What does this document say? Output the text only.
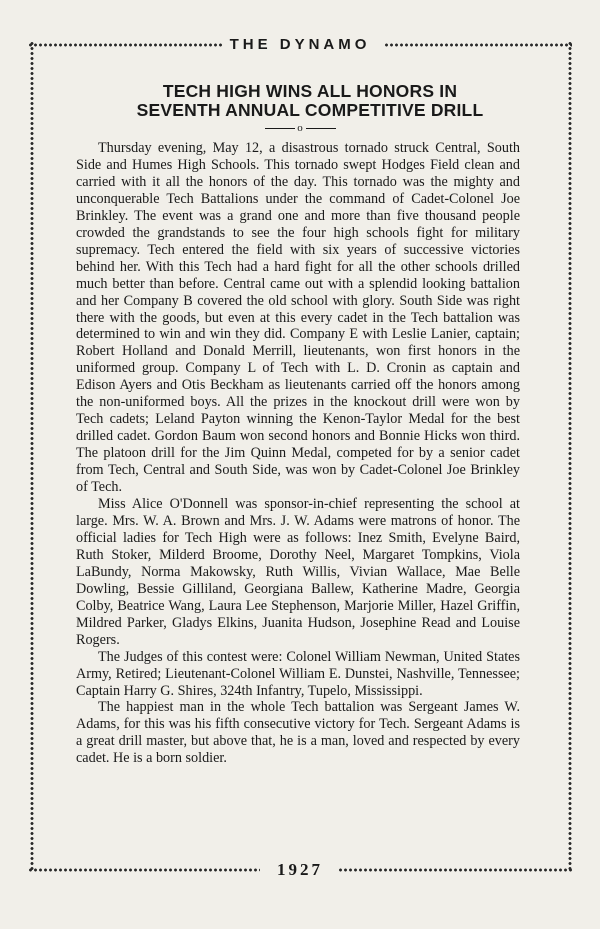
THE DYNAMO
TECH HIGH WINS ALL HONORS IN
SEVENTH ANNUAL COMPETITIVE DRILL
o

Thursday evening, May 12, a disastrous tornado struck Central, South Side and Humes High Schools. This tornado swept Hodges Field clean and carried with it all the honors of the day. This tornado was the mighty and unconquerable Tech Battalions under the command of Cadet-Colonel Joe Brinkley. The event was a grand one and more than five thousand people crowded the grandstands to see the four high schools fight for military supremacy. Tech entered the field with six years of successive victories behind her. With this Tech had a hard fight for all the other schools drilled much better than before. Central came out with a splendid looking battalion and her Company B covered the old school with glory. South Side was right there with the goods, but even at this every cadet in the Tech battalion was determined to win and win they did. Company E with Leslie Lanier, captain; Robert Holland and Donald Merrill, lieutenants, won first honors in the uniformed group. Company L of Tech with L. D. Cronin as captain and Edison Ayers and Otis Beckham as lieutenants carried off the honors among the non-uniformed boys. All the prizes in the knockout drill were won by Tech cadets; Leland Payton winning the Kenon-Taylor Medal for the best drilled cadet. Gordon Baum won second honors and Bonnie Hicks won third. The platoon drill for the Jim Quinn Medal, competed for by a senior cadet from Tech, Central and South Side, was won by Cadet-Colonel Joe Brinkley of Tech.

Miss Alice O'Donnell was sponsor-in-chief representing the school at large. Mrs. W. A. Brown and Mrs. J. W. Adams were matrons of honor. The official ladies for Tech High were as follows: Inez Smith, Evelyne Baird, Ruth Stoker, Milderd Broome, Dorothy Neel, Margaret Tompkins, Viola LaBundy, Norma Makowsky, Ruth Willis, Vivian Wallace, Mae Belle Dowling, Bessie Gilliland, Georgiana Ballew, Katherine Madre, Georgia Colby, Beatrice Wang, Laura Lee Stephenson, Marjorie Miller, Hazel Griffin, Mildred Parker, Gladys Elkins, Juanita Hudson, Josephine Read and Louise Rogers.

The Judges of this contest were: Colonel William Newman, United States Army, Retired; Lieutenant-Colonel William E. Dunstei, Nashville, Tennessee; Captain Harry G. Shires, 324th Infantry, Tupelo, Mississippi.

The happiest man in the whole Tech battalion was Sergeant James W. Adams, for this was his fifth consecutive victory for Tech. Sergeant Adams is a great drill master, but above that, he is a man, loved and respected by every cadet. He is a born soldier.

1927
